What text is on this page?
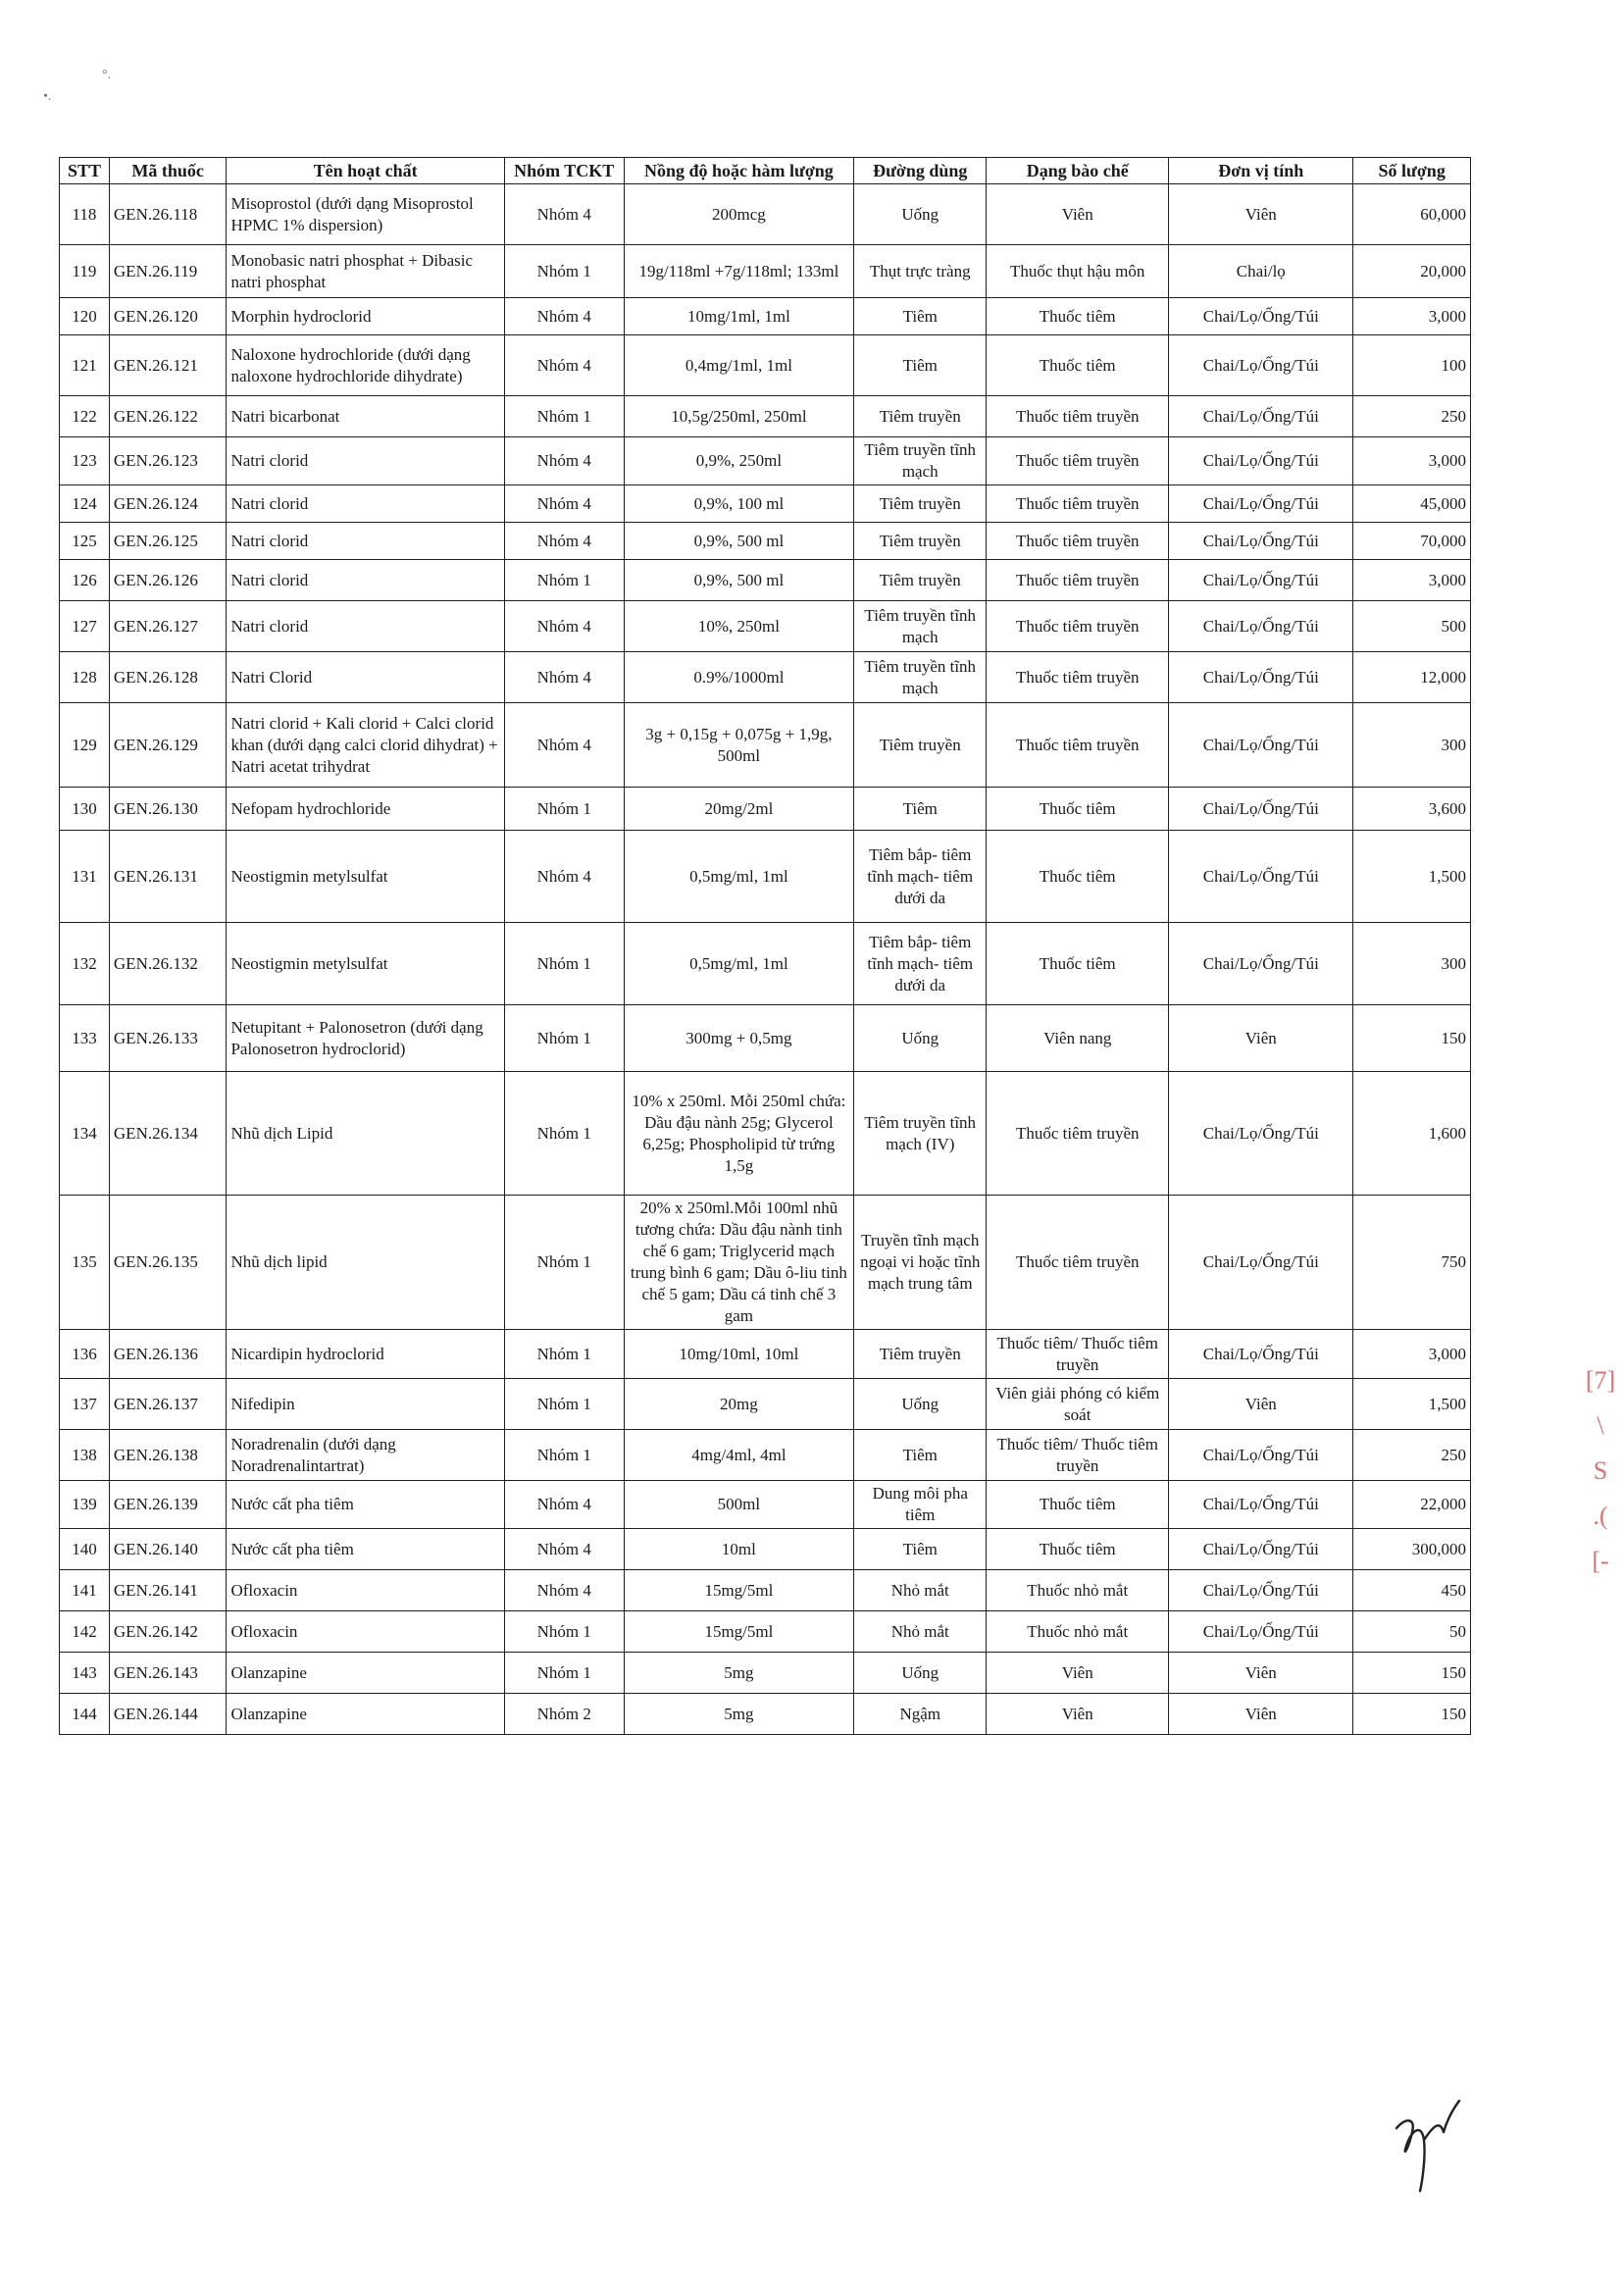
°.
•.
STT	Mã thuốc	Tên hoạt chất	Nhóm TCKT	Nồng độ hoặc hàm lượng	Đường dùng	Dạng bào chế	Đơn vị tính	Số lượng
118	GEN.26.118	Misoprostol (dưới dạng Misoprostol HPMC 1% dispersion)	Nhóm 4	200mcg	Uống	Viên	Viên	60,000
119	GEN.26.119	Monobasic natri phosphat + Dibasic natri phosphat	Nhóm 1	19g/118ml +7g/118ml; 133ml	Thụt trực tràng	Thuốc thụt hậu môn	Chai/lọ	20,000
120	GEN.26.120	Morphin hydroclorid	Nhóm 4	10mg/1ml, 1ml	Tiêm	Thuốc tiêm	Chai/Lọ/Ống/Túi	3,000
121	GEN.26.121	Naloxone hydrochloride (dưới dạng naloxone hydrochloride dihydrate)	Nhóm 4	0,4mg/1ml, 1ml	Tiêm	Thuốc tiêm	Chai/Lọ/Ống/Túi	100
122	GEN.26.122	Natri bicarbonat	Nhóm 1	10,5g/250ml, 250ml	Tiêm truyền	Thuốc tiêm truyền	Chai/Lọ/Ống/Túi	250
123	GEN.26.123	Natri clorid	Nhóm 4	0,9%, 250ml	Tiêm truyền tĩnh mạch	Thuốc tiêm truyền	Chai/Lọ/Ống/Túi	3,000
124	GEN.26.124	Natri clorid	Nhóm 4	0,9%, 100 ml	Tiêm truyền	Thuốc tiêm truyền	Chai/Lọ/Ống/Túi	45,000
125	GEN.26.125	Natri clorid	Nhóm 4	0,9%, 500 ml	Tiêm truyền	Thuốc tiêm truyền	Chai/Lọ/Ống/Túi	70,000
126	GEN.26.126	Natri clorid	Nhóm 1	0,9%, 500 ml	Tiêm truyền	Thuốc tiêm truyền	Chai/Lọ/Ống/Túi	3,000
127	GEN.26.127	Natri clorid	Nhóm 4	10%, 250ml	Tiêm truyền tĩnh mạch	Thuốc tiêm truyền	Chai/Lọ/Ống/Túi	500
128	GEN.26.128	Natri Clorid	Nhóm 4	0.9%/1000ml	Tiêm truyền tĩnh mạch	Thuốc tiêm truyền	Chai/Lọ/Ống/Túi	12,000
129	GEN.26.129	Natri clorid + Kali clorid + Calci clorid khan (dưới dạng calci clorid dihydrat) + Natri acetat trihydrat	Nhóm 4	3g + 0,15g + 0,075g + 1,9g, 500ml	Tiêm truyền	Thuốc tiêm truyền	Chai/Lọ/Ống/Túi	300
130	GEN.26.130	Nefopam hydrochloride	Nhóm 1	20mg/2ml	Tiêm	Thuốc tiêm	Chai/Lọ/Ống/Túi	3,600
131	GEN.26.131	Neostigmin metylsulfat	Nhóm 4	0,5mg/ml, 1ml	Tiêm bắp- tiêm tĩnh mạch- tiêm dưới da	Thuốc tiêm	Chai/Lọ/Ống/Túi	1,500
132	GEN.26.132	Neostigmin metylsulfat	Nhóm 1	0,5mg/ml, 1ml	Tiêm bắp- tiêm tĩnh mạch- tiêm dưới da	Thuốc tiêm	Chai/Lọ/Ống/Túi	300
133	GEN.26.133	Netupitant + Palonosetron (dưới dạng Palonosetron hydroclorid)	Nhóm 1	300mg + 0,5mg	Uống	Viên nang	Viên	150
134	GEN.26.134	Nhũ dịch Lipid	Nhóm 1	10% x 250ml. Mỗi 250ml chứa: Dầu đậu nành 25g; Glycerol 6,25g; Phospholipid từ trứng 1,5g	Tiêm truyền tĩnh mạch (IV)	Thuốc tiêm truyền	Chai/Lọ/Ống/Túi	1,600
135	GEN.26.135	Nhũ dịch lipid	Nhóm 1	20% x 250ml.Mỗi 100ml nhũ tương chứa: Dầu đậu nành tinh chế 6 gam; Triglycerid mạch trung bình 6 gam; Dầu ô-liu tinh chế 5 gam; Dầu cá tinh chế 3 gam	Truyền tĩnh mạch ngoại vi hoặc tĩnh mạch trung tâm	Thuốc tiêm truyền	Chai/Lọ/Ống/Túi	750
136	GEN.26.136	Nicardipin hydroclorid	Nhóm 1	10mg/10ml, 10ml	Tiêm truyền	Thuốc tiêm/ Thuốc tiêm truyền	Chai/Lọ/Ống/Túi	3,000
137	GEN.26.137	Nifedipin	Nhóm 1	20mg	Uống	Viên giải phóng có kiểm soát	Viên	1,500
138	GEN.26.138	Noradrenalin (dưới dạng Noradrenalintartrat)	Nhóm 1	4mg/4ml, 4ml	Tiêm	Thuốc tiêm/ Thuốc tiêm truyền	Chai/Lọ/Ống/Túi	250
139	GEN.26.139	Nước cất pha tiêm	Nhóm 4	500ml	Dung môi pha tiêm	Thuốc tiêm	Chai/Lọ/Ống/Túi	22,000
140	GEN.26.140	Nước cất pha tiêm	Nhóm 4	10ml	Tiêm	Thuốc tiêm	Chai/Lọ/Ống/Túi	300,000
141	GEN.26.141	Ofloxacin	Nhóm 4	15mg/5ml	Nhỏ mắt	Thuốc nhỏ mắt	Chai/Lọ/Ống/Túi	450
142	GEN.26.142	Ofloxacin	Nhóm 1	15mg/5ml	Nhỏ mắt	Thuốc nhỏ mắt	Chai/Lọ/Ống/Túi	50
143	GEN.26.143	Olanzapine	Nhóm 1	5mg	Uống	Viên	Viên	150
144	GEN.26.144	Olanzapine	Nhóm 2	5mg	Ngậm	Viên	Viên	150
[7]
\
S
.(
[-
